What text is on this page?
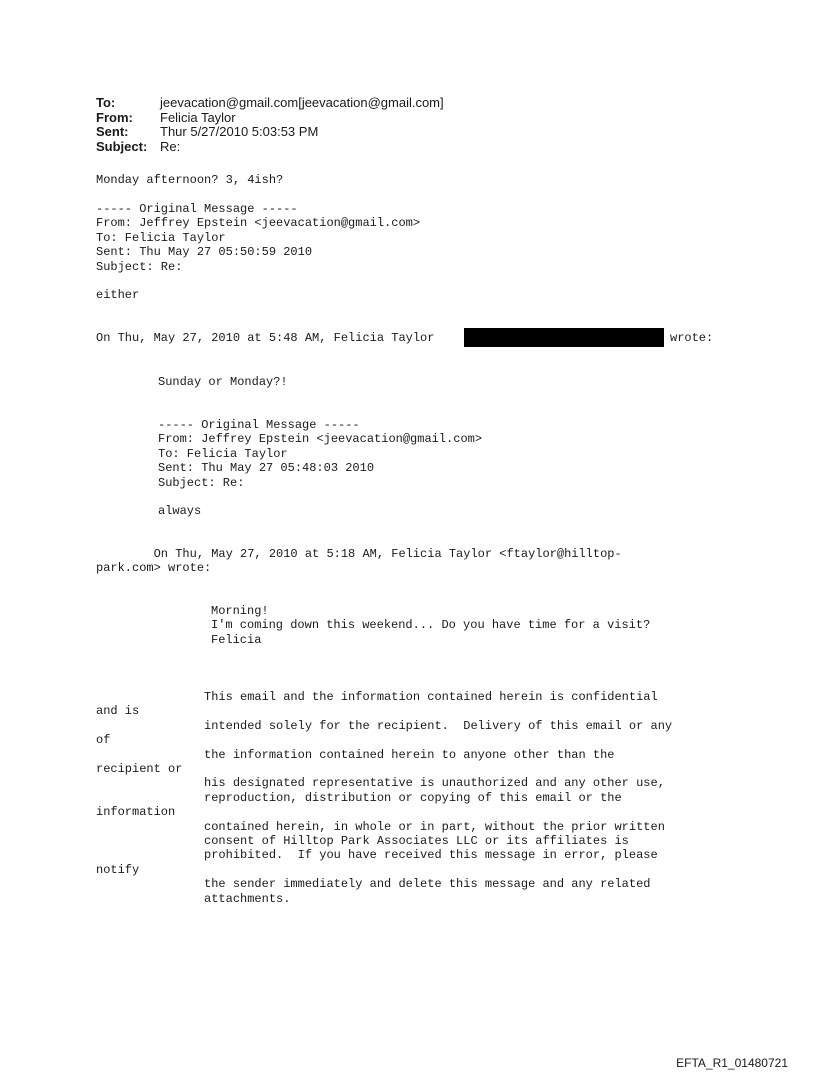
To:	jeevacation@gmail.com[jeevacation@gmail.com]
From:	Felicia Taylor
Sent:	Thur 5/27/2010 5:03:53 PM
Subject: Re:
Monday afternoon? 3, 4ish?
----- Original Message -----
From: Jeffrey Epstein <jeevacation@gmail.com>
To: Felicia Taylor
Sent: Thu May 27 05:50:59 2010
Subject: Re:
either
On Thu, May 27, 2010 at 5:48 AM, Felicia Taylor	wrote:
Sunday or Monday?!
----- Original Message -----
From: Jeffrey Epstein <jeevacation@gmail.com>
To: Felicia Taylor
Sent: Thu May 27 05:48:03 2010
Subject: Re:
always
On Thu, May 27, 2010 at 5:18 AM, Felicia Taylor <ftaylor@hilltop-
park.com> wrote:
Morning!
I'm coming down this weekend... Do you have time for a visit?
Felicia
This email and the information contained herein is confidential
and is
intended solely for the recipient.  Delivery of this email or any
of
the information contained herein to anyone other than the
recipient or
his designated representative is unauthorized and any other use,
reproduction, distribution or copying of this email or the
information
contained herein, in whole or in part, without the prior written
consent of Hilltop Park Associates LLC or its affiliates is
prohibited.  If you have received this message in error, please
notify
the sender immediately and delete this message and any related
attachments.
EFTA_R1_01480721
